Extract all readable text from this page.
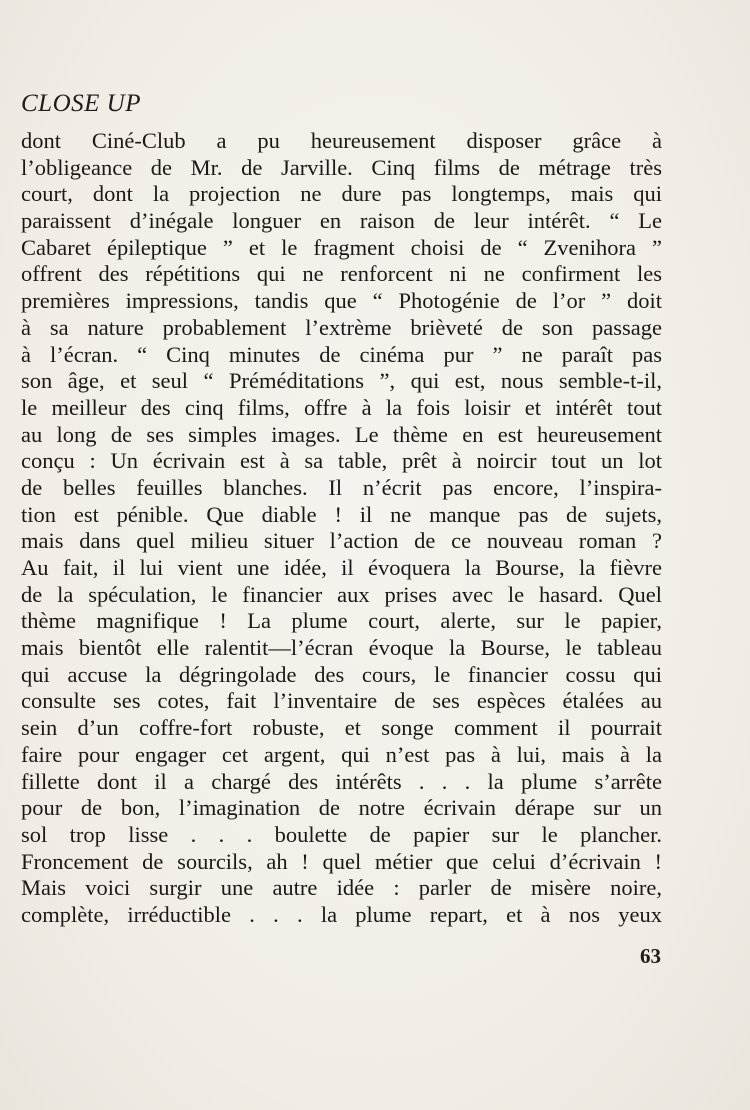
CLOSE UP
dont Ciné-Club a pu heureusement disposer grâce à
l’obligeance de Mr. de Jarville. Cinq films de métrage très
court, dont la projection ne dure pas longtemps, mais qui
paraissent d’inégale longuer en raison de leur intérêt. “ Le
Cabaret épileptique ” et le fragment choisi de “ Zvenihora ”
offrent des répétitions qui ne renforcent ni ne confirment les
premières impressions, tandis que “ Photogénie de l’or ” doit
à sa nature probablement l’extrème brièveté de son passage
à l’écran. “ Cinq minutes de cinéma pur ” ne paraît pas
son âge, et seul “ Préméditations ”, qui est, nous semble-t-il,
le meilleur des cinq films, offre à la fois loisir et intérêt tout
au long de ses simples images. Le thème en est heureusement
conçu : Un écrivain est à sa table, prêt à noircir tout un lot
de belles feuilles blanches. Il n’écrit pas encore, l’inspira-
tion est pénible. Que diable ! il ne manque pas de sujets,
mais dans quel milieu situer l’action de ce nouveau roman ?
Au fait, il lui vient une idée, il évoquera la Bourse, la fièvre
de la spéculation, le financier aux prises avec le hasard. Quel
thème magnifique ! La plume court, alerte, sur le papier,
mais bientôt elle ralentit—l’écran évoque la Bourse, le tableau
qui accuse la dégringolade des cours, le financier cossu qui
consulte ses cotes, fait l’inventaire de ses espèces étalées au
sein d’un coffre-fort robuste, et songe comment il pourrait
faire pour engager cet argent, qui n’est pas à lui, mais à la
fillette dont il a chargé des intérêts . . . la plume s’arrête
pour de bon, l’imagination de notre écrivain dérape sur un
sol trop lisse . . . boulette de papier sur le plancher.
Froncement de sourcils, ah ! quel métier que celui d’écrivain !
Mais voici surgir une autre idée : parler de misère noire,
complète, irréductible . . . la plume repart, et à nos yeux
63
